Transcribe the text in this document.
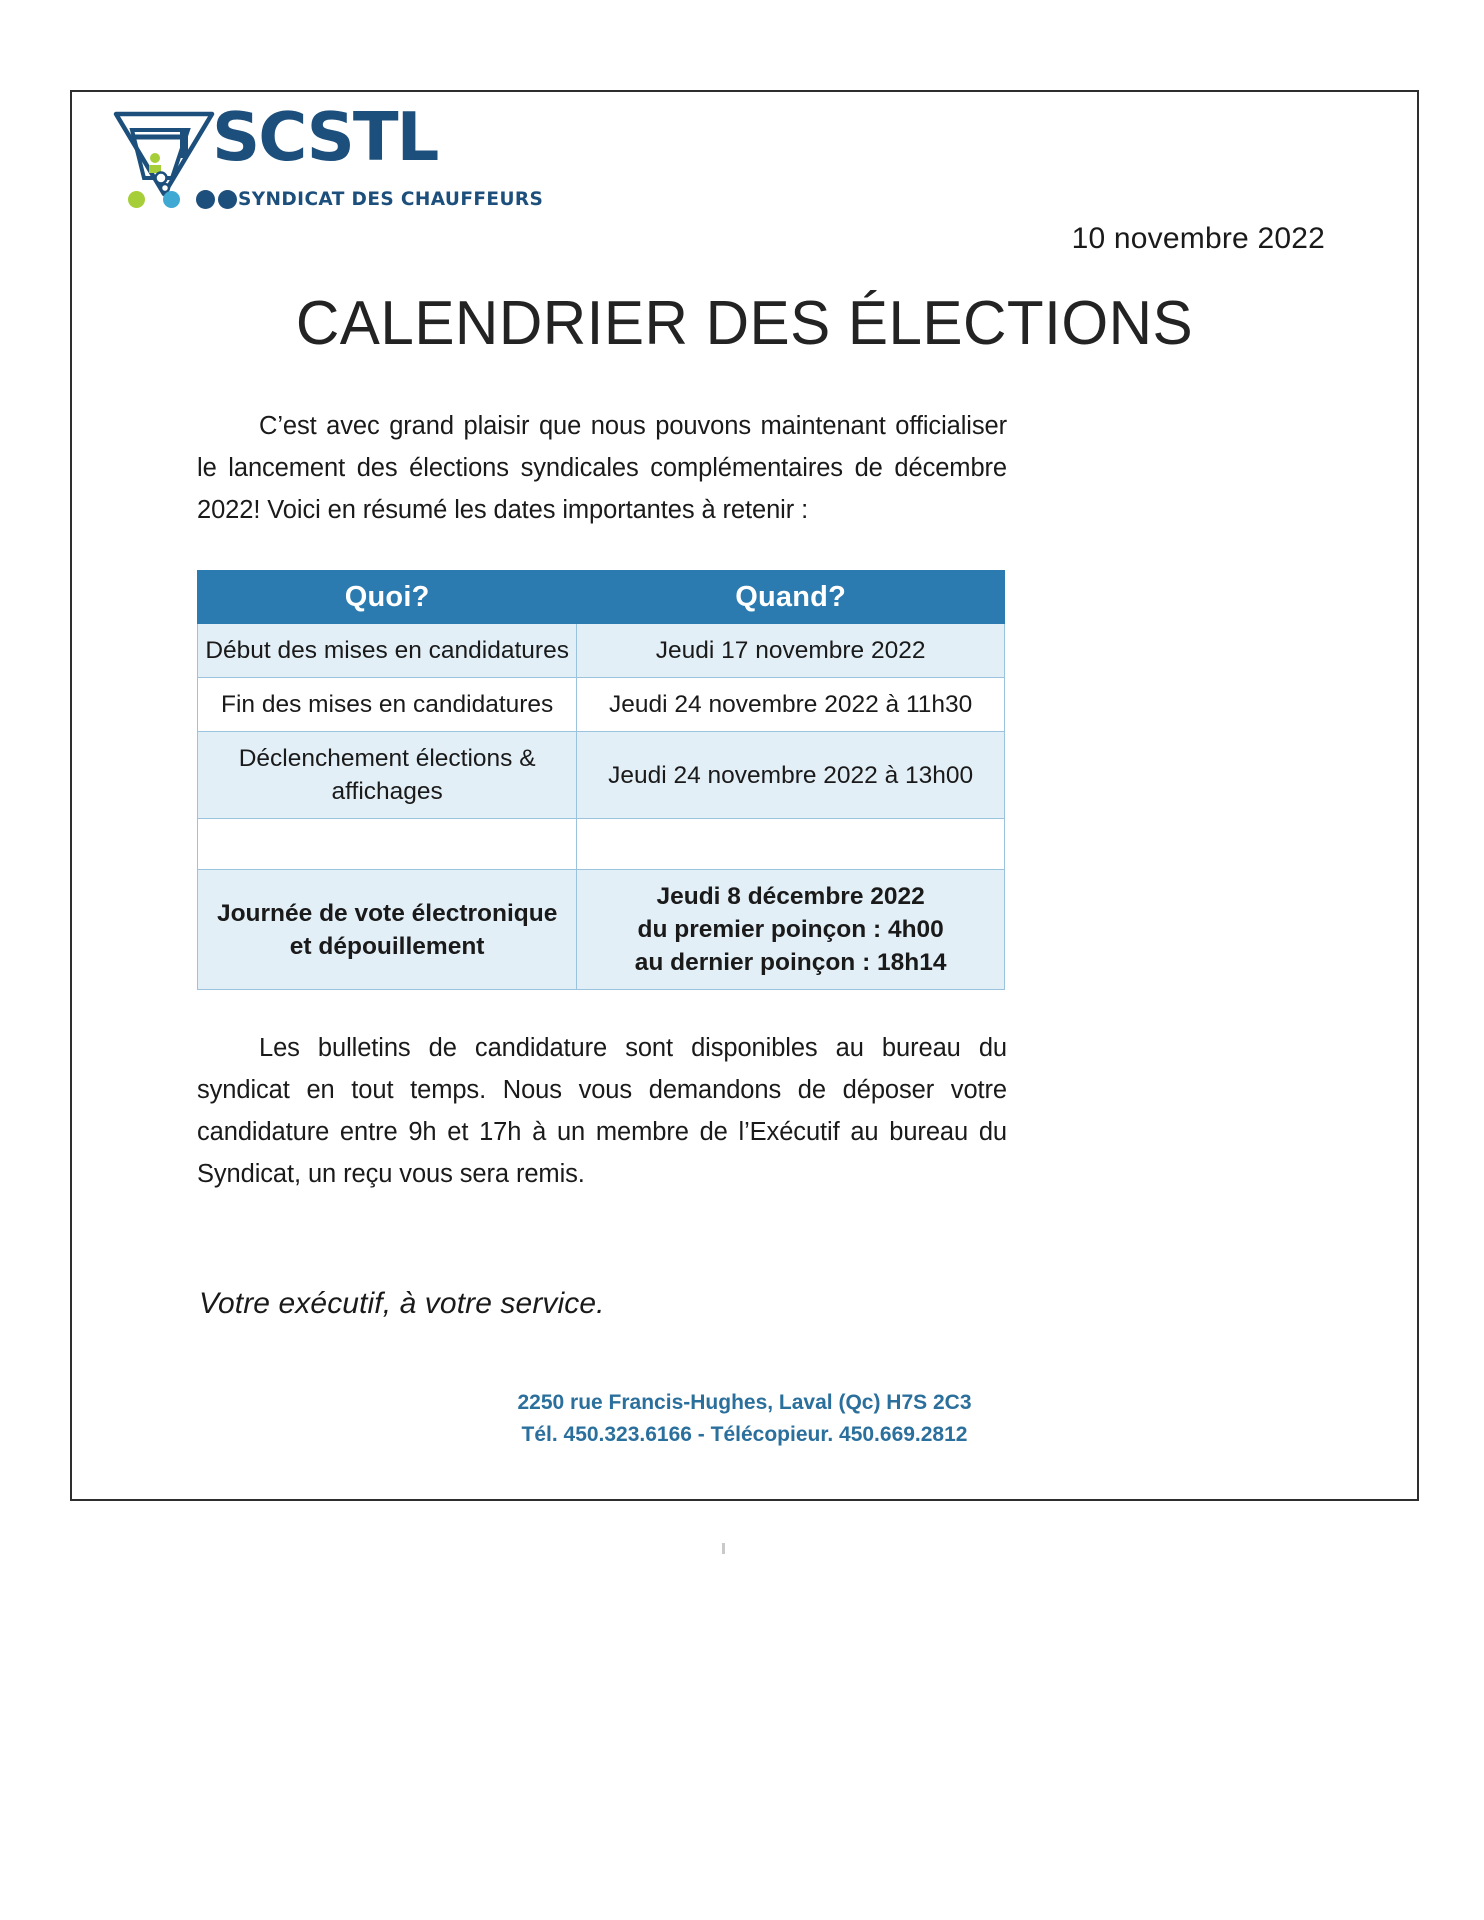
SCSTL
SYNDICAT DES CHAUFFEURS
10 novembre 2022
CALENDRIER DES ÉLECTIONS
C’est avec grand plaisir que nous pouvons maintenant officialiser le lancement des élections syndicales complémentaires de décembre 2022! Voici en résumé les dates importantes à retenir :
Quoi?	Quand?
Début des mises en candidatures	Jeudi 17 novembre 2022
Fin des mises en candidatures	Jeudi 24 novembre 2022 à 11h30
Déclenchement élections &
affichages	Jeudi 24 novembre 2022 à 13h00

Journée de vote électronique
et dépouillement	Jeudi 8 décembre 2022
du premier poinçon : 4h00
au dernier poinçon : 18h14
Les bulletins de candidature sont disponibles au bureau du syndicat en tout temps. Nous vous demandons de déposer votre candidature entre 9h et 17h à un membre de l’Exécutif au bureau du Syndicat, un reçu vous sera remis.
Votre exécutif, à votre service.
2250 rue Francis-Hughes, Laval (Qc) H7S 2C3
Tél. 450.323.6166 - Télécopieur. 450.669.2812
